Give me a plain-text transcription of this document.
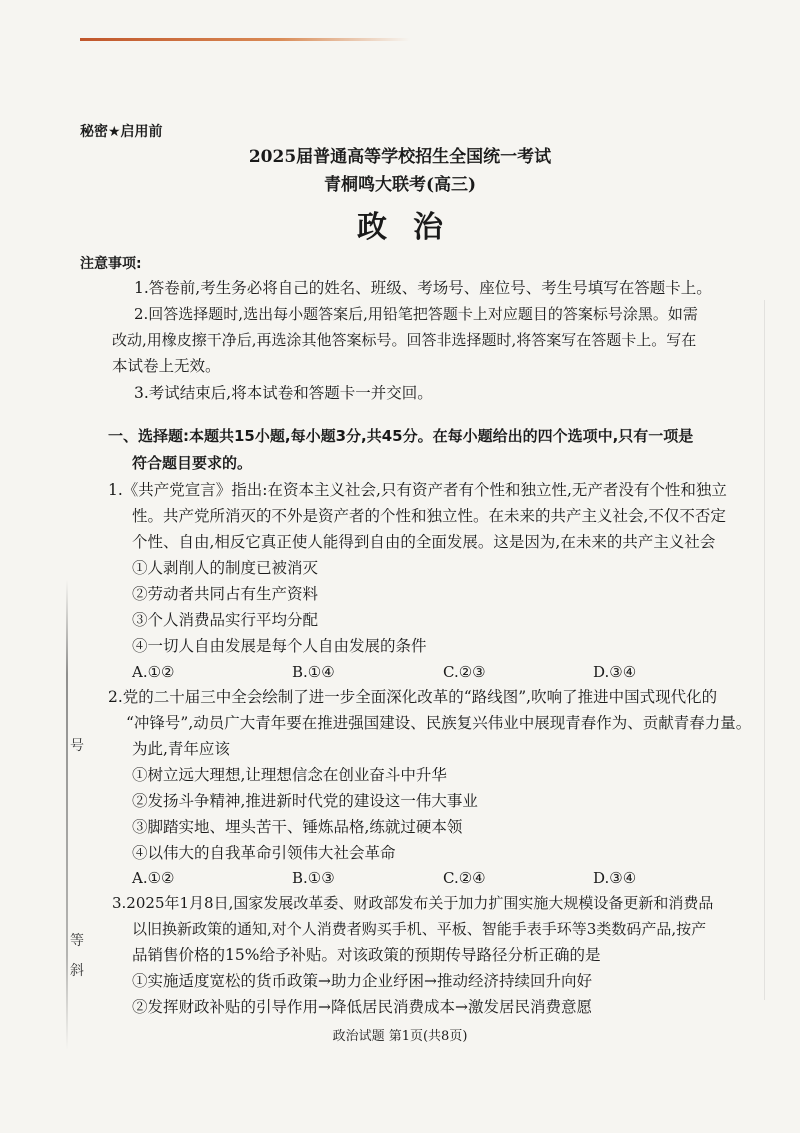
号
等
斜
秘密★启用前
2025届普通高等学校招生全国统一考试
青桐鸣大联考(高三)
政治
注意事项:
1.答卷前,考生务必将自己的姓名、班级、考场号、座位号、考生号填写在答题卡上。
2.回答选择题时,选出每小题答案后,用铅笔把答题卡上对应题目的答案标号涂黑。如需
改动,用橡皮擦干净后,再选涂其他答案标号。回答非选择题时,将答案写在答题卡上。写在
本试卷上无效。
3.考试结束后,将本试卷和答题卡一并交回。
一、选择题:本题共15小题,每小题3分,共45分。在每小题给出的四个选项中,只有一项是
符合题目要求的。
1.《共产党宣言》指出:在资本主义社会,只有资产者有个性和独立性,无产者没有个性和独立
性。共产党所消灭的不外是资产者的个性和独立性。在未来的共产主义社会,不仅不否定
个性、自由,相反它真正使人能得到自由的全面发展。这是因为,在未来的共产主义社会
①人剥削人的制度已被消灭
②劳动者共同占有生产资料
③个人消费品实行平均分配
④一切人自由发展是每个人自由发展的条件
A.①②	B.①④	C.②③	D.③④
2.党的二十届三中全会绘制了进一步全面深化改革的“路线图”,吹响了推进中国式现代化的
“冲锋号”,动员广大青年要在推进强国建设、民族复兴伟业中展现青春作为、贡献青春力量。
为此,青年应该
①树立远大理想,让理想信念在创业奋斗中升华
②发扬斗争精神,推进新时代党的建设这一伟大事业
③脚踏实地、埋头苦干、锤炼品格,练就过硬本领
④以伟大的自我革命引领伟大社会革命
A.①②	B.①③	C.②④	D.③④
3.2025年1月8日,国家发展改革委、财政部发布关于加力扩围实施大规模设备更新和消费品
以旧换新政策的通知,对个人消费者购买手机、平板、智能手表手环等3类数码产品,按产
品销售价格的15%给予补贴。对该政策的预期传导路径分析正确的是
①实施适度宽松的货币政策→助力企业纾困→推动经济持续回升向好
②发挥财政补贴的引导作用→降低居民消费成本→激发居民消费意愿
政治试题 第1页(共8页)
